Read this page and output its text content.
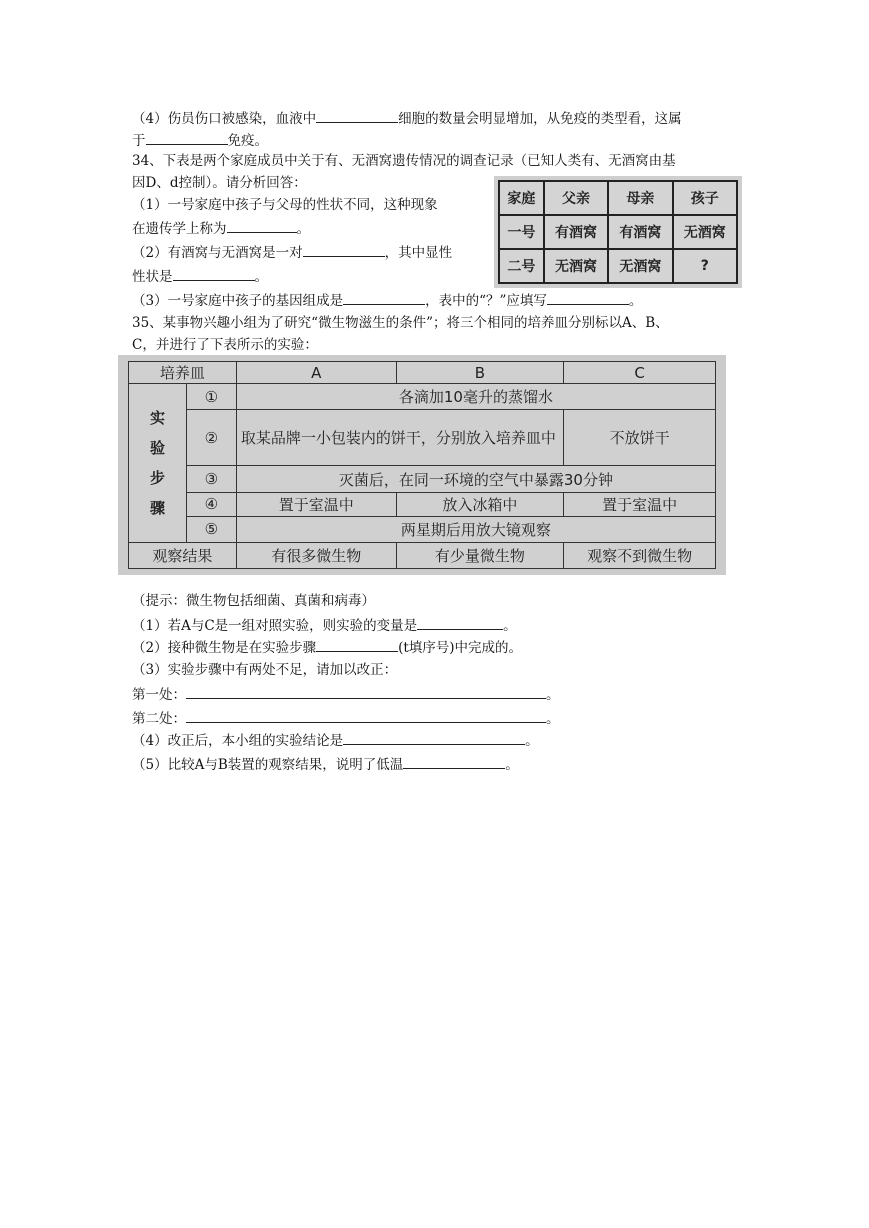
（4）伤员伤口被感染，血液中	细胞的数量会明显增加，从免疫的类型看，这属
于	免疫。
34、下表是两个家庭成员中关于有、无酒窝遗传情况的调查记录（已知人类有、无酒窝由基
因D、d控制）。请分析回答：
（1）一号家庭中孩子与父母的性状不同，这种现象
在遗传学上称为	。
（2）有酒窝与无酒窝是一对	，其中显性
性状是	。
（3）一号家庭中孩子的基因组成是	，表中的“？”应填写	。
家庭	父亲	母亲	孩子
一号	有酒窝	有酒窝	无酒窝
二号	无酒窝	无酒窝	?
35、某事物兴趣小组为了研究“微生物滋生的条件”；将三个相同的培养皿分别标以A、B、
C，并进行了下表所示的实验：
培养皿		A	B	C
实
验
步
骤	①	各滴加10毫升的蒸馏水		
	②	取某品牌一小包装内的饼干，分别放入培养皿中		不放饼干
	③	灭菌后，在同一环境的空气中暴露30分钟		
	④	置于室温中	放入冰箱中	置于室温中
	⑤	两星期后用放大镜观察		
观察结果		有很多微生物	有少量微生物	观察不到微生物
（提示：微生物包括细菌、真菌和病毒）
（1）若A与C是一组对照实验，则实验的变量是	。
（2）接种微生物是在实验步骤	(t填序号)中完成的。
（3）实验步骤中有两处不足，请加以改正：
第一处：	。
第二处：	。
（4）改正后，本小组的实验结论是	。
（5）比较A与B装置的观察结果，说明了低温	。
